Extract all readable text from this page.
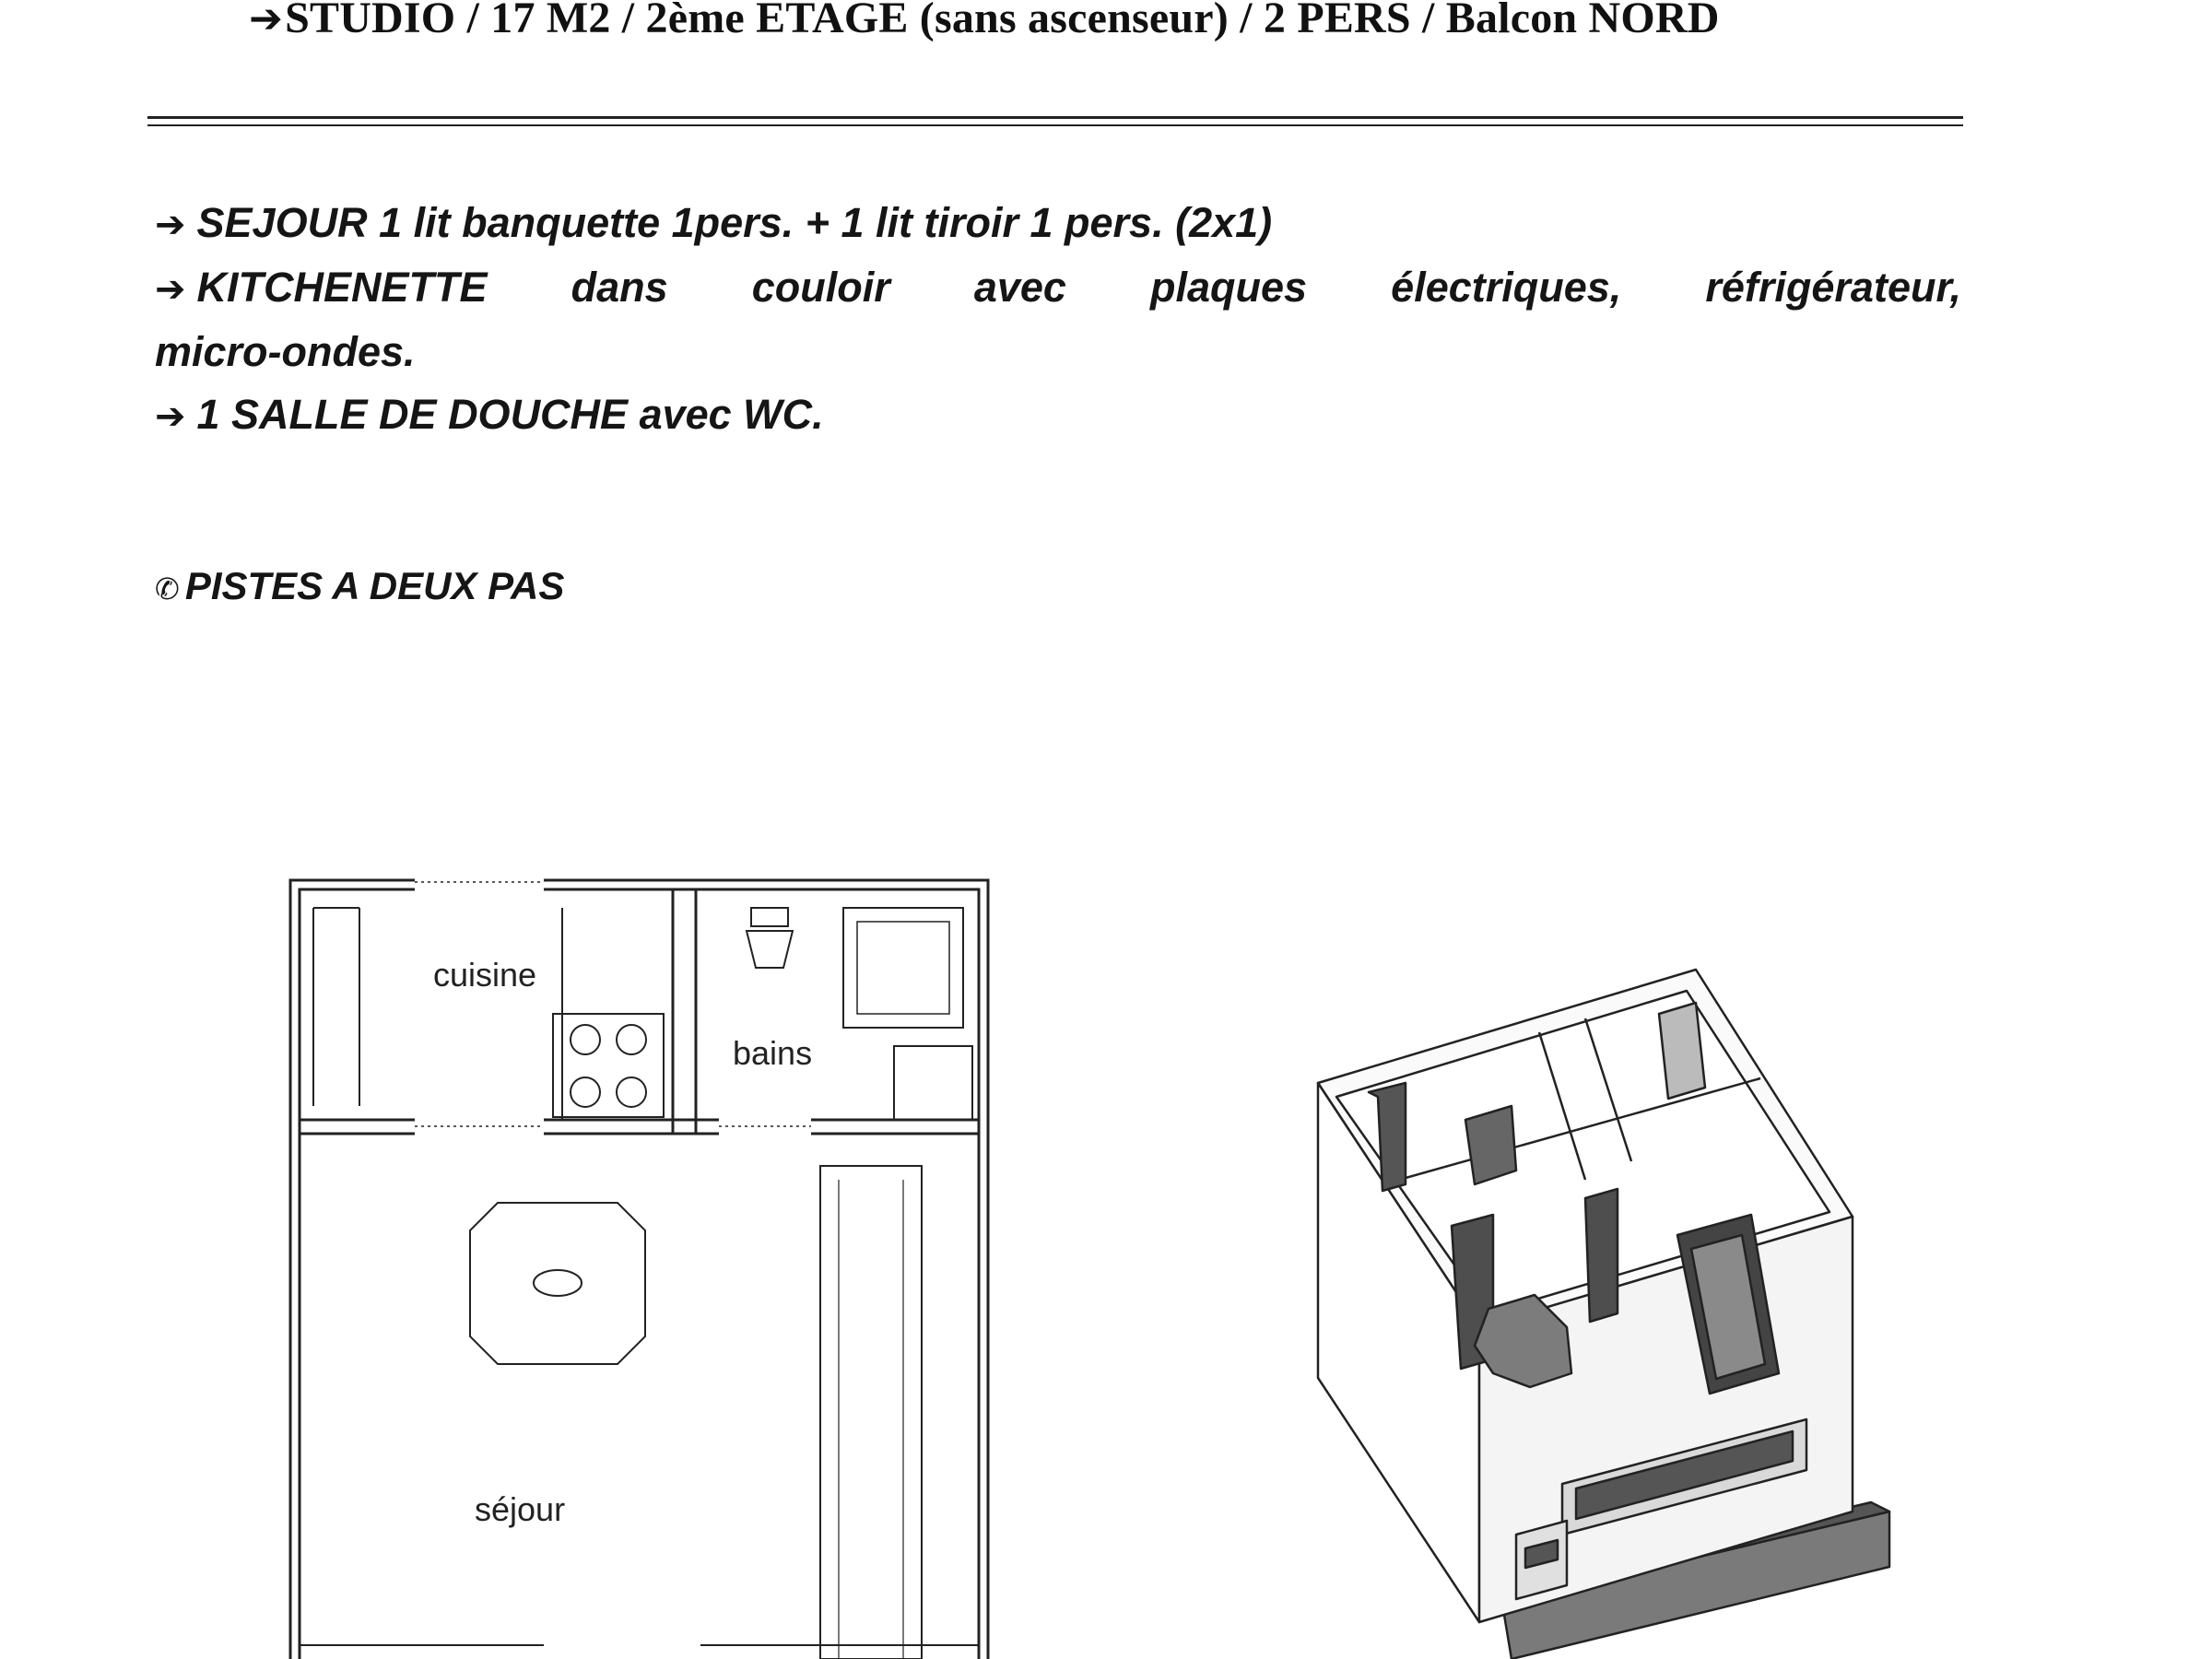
➔STUDIO / 17 M2 / 2ème ETAGE (sans ascenseur) / 2 PERS / Balcon NORD

➔ SEJOUR 1 lit banquette 1pers. + 1 lit tiroir 1 pers. (2x1)

➔ KITCHENETTE dans couloir avec plaques électriques, réfrigérateur,

micro-ondes.

➔ 1 SALLE DE DOUCHE avec WC.

✆ PISTES A DEUX PAS
cuisine
bains
séjour
